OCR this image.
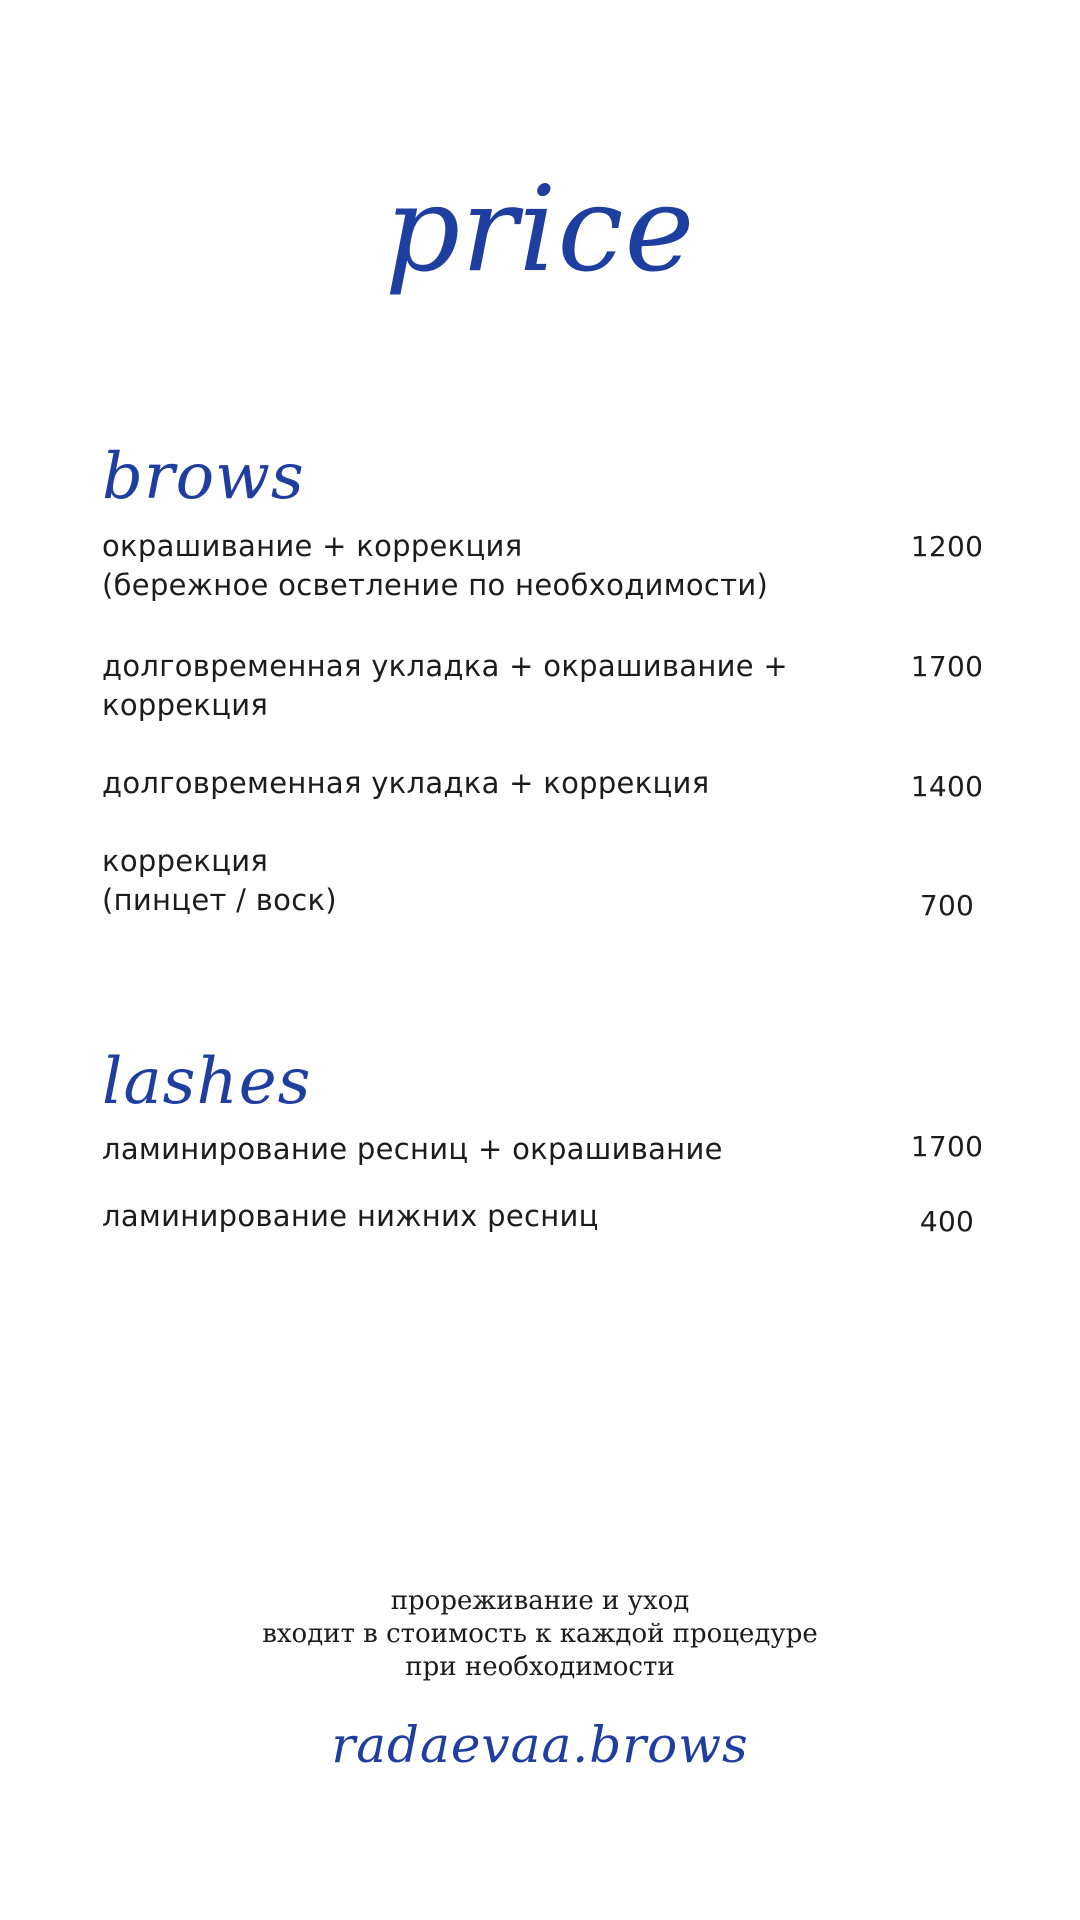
price
brows
окрашивание + коррекция
(бережное осветление по необходимости)
1200
долговременная укладка + окрашивание +
коррекция
1700
долговременная укладка + коррекция	1400
коррекция
(пинцет / воск)	700
lashes
ламинирование ресниц + окрашивание	1700
ламинирование нижних ресниц	400
прореживание и уход
входит в стоимость к каждой процедуре
при необходимости
radaevaa.brows
